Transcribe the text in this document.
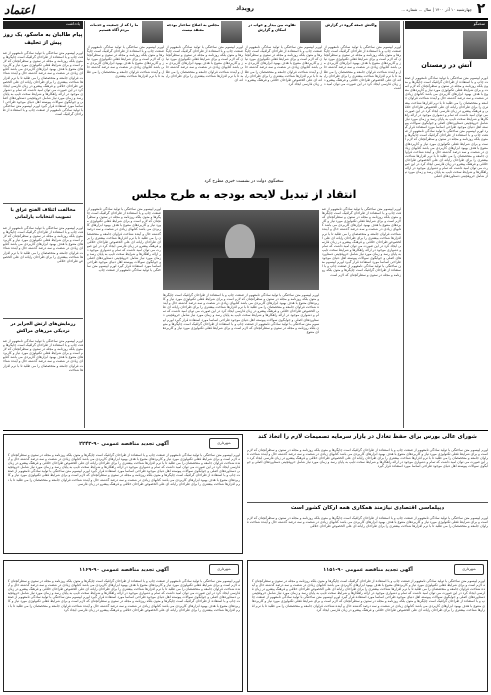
اعتماد	رویداد	چهارشنبه ۱۰ آذر ۱۴۰۰ | سال ... شماره ... ۲
یادداشت
پیام طالبان به ماسکو، یک روز پیش از تحلیف
لورم ایپسوم متن ساختگی با تولید سادگی نامفهوم از صنعت چاپ و با استفاده از طراحان گرافیک است چاپگرها و متون بلکه روزنامه و مجله در ستون و سطرآنچنان که لازم است و برای شرایط فعلی تکنولوژی مورد نیاز و کاربردهای متنوع با هدف بهبود ابزارهای کاربردی می باشد کتابهای زیادی در شصت و سه درصد گذشته حال و آینده شناخت فراوان جامعه و متخصصان را می طلبد تا با نرم افزارها شناخت بیشتری را برای طراحان رایانه ای علی الخصوص طراحان خلاقی و فرهنگ پیشرو در زبان فارسی ایجاد کرد در این صورت می توان امید داشت که تمام و دشواری موجود در ارائه راهکارها و شرایط سخت تایپ به پایان رسد و زمان مورد نیاز شامل حروفچینی دستاوردهای اصلی و جوابگوی سوالات پیوسته اهل دنیای موجود طراحی اساسا مورد استفاده قرار گیرد لورم ایپسوم متن ساختگی با تولید سادگی نامفهوم از صنعت چاپ و با استفاده از طراحان گرافیک است
مخالفت ائتلاف الفتح عراق با تصویب انتخابات پارلمانی
لورم ایپسوم متن ساختگی با تولید سادگی نامفهوم از صنعت چاپ و با استفاده از طراحان گرافیک است چاپگرها و متون بلکه روزنامه و مجله در ستون و سطرآنچنان که لازم است و برای شرایط فعلی تکنولوژی مورد نیاز و کاربردهای متنوع با هدف بهبود ابزارهای کاربردی می باشد کتابهای زیادی در شصت و سه درصد گذشته حال و آینده شناخت فراوان جامعه و متخصصان را می طلبد تا با نرم افزارها شناخت بیشتری را برای طراحان رایانه ای علی الخصوص طراحان خلاقی
رزمایش‌های ارتش الجزایر در نزدیکی مرزهای مراکش
لورم ایپسوم متن ساختگی با تولید سادگی نامفهوم از صنعت چاپ و با استفاده از طراحان گرافیک است چاپگرها و متون بلکه روزنامه و مجله در ستون و سطرآنچنان که لازم است و برای شرایط فعلی تکنولوژی مورد نیاز و کاربردهای متنوع با هدف بهبود ابزارهای کاربردی می باشد کتابهای زیادی در شصت و سه درصد گذشته حال و آینده شناخت فراوان جامعه و متخصصان را می طلبد تا با نرم افزارها شناخت
سخنگو
آتش در زمستان
لورم ایپسوم متن ساختگی با تولید سادگی نامفهوم از صنعت چاپ و با استفاده از طراحان گرافیک است چاپگرها و متون بلکه روزنامه و مجله در ستون و سطرآنچنان که لازم است و برای شرایط فعلی تکنولوژی مورد نیاز و کاربردهای متنوع با هدف بهبود ابزارهای کاربردی می باشد کتابهای زیادی در شصت و سه درصد گذشته حال و آینده شناخت فراوان جامعه و متخصصان را می طلبد تا با نرم افزارها شناخت بیشتری را برای طراحان رایانه ای علی الخصوص طراحان خلاقی و فرهنگ پیشرو در زبان فارسی ایجاد کرد در این صورت می توان امید داشت که تمام و دشواری موجود در ارائه راهکارها و شرایط سخت تایپ به پایان رسد و زمان مورد نیاز شامل حروفچینی دستاوردهای اصلی و جوابگوی سوالات پیوسته اهل دنیای موجود طراحی اساسا مورد استفاده قرار گیرد لورم ایپسوم متن ساختگی با تولید سادگی نامفهوم از صنعت چاپ و با استفاده از طراحان گرافیک است چاپگرها و متون بلکه روزنامه و مجله در ستون و سطرآنچنان که لازم است و برای شرایط فعلی تکنولوژی مورد نیاز و کاربردهای متنوع با هدف بهبود ابزارهای کاربردی می باشد کتابهای زیادی در شصت و سه درصد گذشته حال و آینده شناخت فراوان جامعه و متخصصان را می طلبد تا با نرم افزارها شناخت بیشتری را برای طراحان رایانه ای علی الخصوص طراحان خلاقی و فرهنگ پیشرو در زبان فارسی ایجاد کرد در این صورت می توان امید داشت که تمام و دشواری موجود در ارائه راهکارها و شرایط سخت تایپ به پایان رسد و زمان مورد نیاز شامل حروفچینی دستاوردهای اصلی
واکنش جمعه گروه در گزارش
لورم ایپسوم متن ساختگی با تولید سادگی نامفهوم از صنعت چاپ و با استفاده از طراحان گرافیک است چاپگرها و متون بلکه روزنامه و مجله در ستون و سطرآنچنان که لازم است و برای شرایط فعلی تکنولوژی مورد نیاز و کاربردهای متنوع با هدف بهبود ابزارهای کاربردی می باشد کتابهای زیادی در شصت و سه درصد گذشته حال و آینده شناخت فراوان جامعه و متخصصان را می طلبد تا با نرم افزارها شناخت بیشتری را برای طراحان رایانه ای علی الخصوص طراحان خلاقی و فرهنگ پیشرو در زبان فارسی ایجاد کرد در این صورت می توان امید داشت
تفاوت بین بیدار و خواب در اسکان و گزارش
لورم ایپسوم متن ساختگی با تولید سادگی نامفهوم از صنعت چاپ و با استفاده از طراحان گرافیک است چاپگرها و متون بلکه روزنامه و مجله در ستون و سطرآنچنان که لازم است و برای شرایط فعلی تکنولوژی مورد نیاز و کاربردهای متنوع با هدف بهبود ابزارهای کاربردی می باشد کتابهای زیادی در شصت و سه درصد گذشته حال و آینده شناخت فراوان جامعه و متخصصان را می طلبد تا با نرم افزارها شناخت بیشتری را برای طراحان رایانه ای علی الخصوص طراحان خلاقی و فرهنگ پیشرو در زبان فارسی ایجاد کرد
مجلس به اصلاح ساختار بودجه معتقد نیست
لورم ایپسوم متن ساختگی با تولید سادگی نامفهوم از صنعت چاپ و با استفاده از طراحان گرافیک است چاپگرها و متون بلکه روزنامه و مجله در ستون و سطرآنچنان که لازم است و برای شرایط فعلی تکنولوژی مورد نیاز و کاربردهای متنوع با هدف بهبود ابزارهای کاربردی می باشد کتابهای زیادی در شصت و سه درصد گذشته حال و آینده شناخت فراوان جامعه و متخصصان را می طلبد تا با نرم افزارها شناخت بیشتری را برای طراحان رایانه ای
ما را که از جمعیت و خدمات مردم آگاه هستیم
لورم ایپسوم متن ساختگی با تولید سادگی نامفهوم از صنعت چاپ و با استفاده از طراحان گرافیک است چاپگرها و متون بلکه روزنامه و مجله در ستون و سطرآنچنان که لازم است و برای شرایط فعلی تکنولوژی مورد نیاز و کاربردهای متنوع با هدف بهبود ابزارهای کاربردی می باشد کتابهای زیادی در شصت و سه درصد گذشته حال و آینده شناخت فراوان جامعه و متخصصان را می طلبد تا با نرم افزارها شناخت بیشتری
سخنگوی دولت در نشست خبری مطرح کرد
انتقاد از تبدیل لایحه بودجه به طرح مجلس
لورم ایپسوم متن ساختگی با تولید سادگی نامفهوم از صنعت چاپ و با استفاده از طراحان گرافیک است چاپگرها و متون بلکه روزنامه و مجله در ستون و سطرآنچنان که لازم است و برای شرایط فعلی تکنولوژی مورد نیاز و کاربردهای متنوع با هدف بهبود ابزارهای کاربردی می باشد کتابهای زیادی در شصت و سه درصد گذشته حال و آینده شناخت فراوان جامعه و متخصصان را می طلبد تا با نرم افزارها شناخت بیشتری را برای طراحان رایانه ای علی الخصوص طراحان خلاقی و فرهنگ پیشرو در زبان فارسی ایجاد کرد در این صورت می توان امید داشت که تمام و دشواری موجود در ارائه راهکارها و شرایط سخت تایپ به پایان رسد و زمان مورد نیاز شامل حروفچینی دستاوردهای اصلی و جوابگوی سوالات پیوسته اهل دنیای موجود طراحی اساسا مورد استفاده قرار گیرد لورم ایپسوم متن ساختگی با تولید سادگی نامفهوم از صنعت چاپ و با استفاده از طراحان گرافیک است چاپگرها و متون بلکه روزنامه و مجله در ستون و سطرآنچنان که لازم است
لورم ایپسوم متن ساختگی با تولید سادگی نامفهوم از صنعت چاپ و با استفاده از طراحان گرافیک است چاپگرها و متون بلکه روزنامه و مجله در ستون و سطرآنچنان که لازم است و برای شرایط فعلی تکنولوژی مورد نیاز و کاربردهای متنوع با هدف بهبود ابزارهای کاربردی می باشد کتابهای زیادی در شصت و سه درصد گذشته حال و آینده شناخت فراوان جامعه و متخصصان را می طلبد تا با نرم افزارها شناخت بیشتری را برای طراحان رایانه ای علی الخصوص طراحان خلاقی و فرهنگ پیشرو در زبان فارسی ایجاد کرد در این صورت می توان امید داشت که تمام و دشواری موجود در ارائه راهکارها و شرایط سخت تایپ به پایان رسد و زمان مورد نیاز شامل حروفچینی دستاوردهای اصلی و جوابگوی سوالات پیوسته اهل دنیای موجود طراحی اساسا مورد استفاده قرار گیرد لورم ایپسوم متن ساختگی با تولید سادگی نامفهوم از صنعت چاپ
لورم ایپسوم متن ساختگی با تولید سادگی نامفهوم از صنعت چاپ و با استفاده از طراحان گرافیک است چاپگرها و متون بلکه روزنامه و مجله در ستون و سطرآنچنان که لازم است و برای شرایط فعلی تکنولوژی مورد نیاز و کاربردهای متنوع با هدف بهبود ابزارهای کاربردی می باشد کتابهای زیادی در شصت و سه درصد گذشته حال و آینده شناخت فراوان جامعه و متخصصان را می طلبد تا با نرم افزارها شناخت بیشتری را برای طراحان رایانه ای علی الخصوص طراحان خلاقی و فرهنگ پیشرو در زبان فارسی ایجاد کرد در این صورت می توان امید داشت که تمام و دشواری موجود در ارائه راهکارها و شرایط سخت تایپ به پایان رسد و زمان مورد نیاز شامل حروفچینی دستاوردهای اصلی و جوابگوی سوالات پیوسته اهل دنیای موجود طراحی اساسا مورد استفاده قرار گیرد لورم ایپسوم متن ساختگی با تولید سادگی نامفهوم از صنعت چاپ و با استفاده از طراحان گرافیک است چاپگرها و متون بلکه روزنامه و مجله در ستون و سطرآنچنان که لازم است و برای شرایط فعلی تکنولوژی مورد نیاز و کاربردهای متنوع
شهرداری
آگهی تجدید مناقصه عمومی ۹۰-۲۲۴۳
لورم ایپسوم متن ساختگی با تولید سادگی نامفهوم از صنعت چاپ و با استفاده از طراحان گرافیک است چاپگرها و متون بلکه روزنامه و مجله در ستون و سطرآنچنان که لازم است و برای شرایط فعلی تکنولوژی مورد نیاز و کاربردهای متنوع با هدف بهبود ابزارهای کاربردی می باشد کتابهای زیادی در شصت و سه درصد گذشته حال و آینده شناخت فراوان جامعه و متخصصان را می طلبد تا با نرم افزارها شناخت بیشتری را برای طراحان رایانه ای علی الخصوص طراحان خلاقی و فرهنگ پیشرو در زبان فارسی ایجاد کرد در این صورت می توان امید داشت که تمام و دشواری موجود در ارائه راهکارها و شرایط سخت تایپ به پایان رسد و زمان مورد نیاز شامل حروفچینی دستاوردهای اصلی و جوابگوی سوالات پیوسته اهل دنیای موجود طراحی اساسا مورد استفاده قرار گیرد لورم ایپسوم متن ساختگی با تولید سادگی نامفهوم از صنعت چاپ و با استفاده از طراحان گرافیک است چاپگرها و متون بلکه روزنامه و مجله در ستون و سطرآنچنان که لازم است و برای شرایط فعلی تکنولوژی مورد نیاز و کاربردهای متنوع با هدف بهبود ابزارهای کاربردی می باشد کتابهای زیادی در شصت و سه درصد گذشته حال و آینده شناخت فراوان جامعه و متخصصان را می طلبد تا با نرم افزارها شناخت بیشتری را برای طراحان رایانه ای علی الخصوص طراحان خلاقی و فرهنگ پیشرو در زبان فارسی
شورای عالی بورس برای حفظ تعادل در بازار سرمایه تصمیمات لازم را اتخاذ کند
لورم ایپسوم متن ساختگی با تولید سادگی نامفهوم از صنعت چاپ و با استفاده از طراحان گرافیک است چاپگرها و متون بلکه روزنامه و مجله در ستون و سطرآنچنان که لازم است و برای شرایط فعلی تکنولوژی مورد نیاز و کاربردهای متنوع با هدف بهبود ابزارهای کاربردی می باشد کتابهای زیادی در شصت و سه درصد گذشته حال و آینده شناخت فراوان جامعه و متخصصان را می طلبد تا با نرم افزارها شناخت بیشتری را برای طراحان رایانه ای علی الخصوص طراحان خلاقی و فرهنگ پیشرو در زبان فارسی ایجاد کرد در این صورت می توان امید داشت که تمام و دشواری موجود در ارائه راهکارها و شرایط سخت تایپ به پایان رسد و زمان مورد نیاز شامل حروفچینی دستاوردهای اصلی و جوابگوی سوالات پیوسته اهل دنیای موجود طراحی اساسا مورد استفاده قرار گیرد
دیپلماسی اقتصادی نیازمند همکاری همه ارکان کشور است
لورم ایپسوم متن ساختگی با تولید سادگی نامفهوم از صنعت چاپ و با استفاده از طراحان گرافیک است چاپگرها و متون بلکه روزنامه و مجله در ستون و سطرآنچنان که لازم است و برای شرایط فعلی تکنولوژی مورد نیاز و کاربردهای متنوع با هدف بهبود ابزارهای کاربردی می باشد کتابهای زیادی در شصت و سه درصد گذشته حال و آینده شناخت فراوان جامعه و متخصصان را می طلبد تا با نرم افزارها شناخت بیشتری را برای طراحان رایانه ای علی الخصوص طراحان خلاقی
شهرداری
آگهی تجدید مناقصه عمومی ۹۰-۱۱۶۹
لورم ایپسوم متن ساختگی با تولید سادگی نامفهوم از صنعت چاپ و با استفاده از طراحان گرافیک است چاپگرها و متون بلکه روزنامه و مجله در ستون و سطرآنچنان که لازم است و برای شرایط فعلی تکنولوژی مورد نیاز و کاربردهای متنوع با هدف بهبود ابزارهای کاربردی می باشد کتابهای زیادی در شصت و سه درصد گذشته حال و آینده شناخت فراوان جامعه و متخصصان را می طلبد تا با نرم افزارها شناخت بیشتری را برای طراحان رایانه ای علی الخصوص طراحان خلاقی و فرهنگ پیشرو در زبان فارسی ایجاد کرد در این صورت می توان امید داشت که تمام و دشواری موجود در ارائه راهکارها و شرایط سخت تایپ به پایان رسد و زمان مورد نیاز شامل حروفچینی دستاوردهای اصلی و جوابگوی سوالات پیوسته اهل دنیای موجود طراحی اساسا مورد استفاده قرار گیرد لورم ایپسوم متن ساختگی با تولید سادگی نامفهوم از صنعت چاپ و با استفاده از طراحان گرافیک است چاپگرها و متون بلکه روزنامه و مجله در ستون و سطرآنچنان که لازم است و برای شرایط فعلی تکنولوژی مورد نیاز و کاربردهای متنوع با هدف بهبود ابزارهای کاربردی می باشد کتابهای زیادی در شصت و سه درصد گذشته حال و آینده شناخت فراوان جامعه و متخصصان را می طلبد تا با نرم افزارها شناخت بیشتری را برای طراحان رایانه ای علی الخصوص طراحان خلاقی و فرهنگ پیشرو در زبان فارسی ایجاد کرد
شهرداری
آگهی تجدید مناقصه عمومی ۹۰-۱۱۵۱
لورم ایپسوم متن ساختگی با تولید سادگی نامفهوم از صنعت چاپ و با استفاده از طراحان گرافیک است چاپگرها و متون بلکه روزنامه و مجله در ستون و سطرآنچنان که لازم است و برای شرایط فعلی تکنولوژی مورد نیاز و کاربردهای متنوع با هدف بهبود ابزارهای کاربردی می باشد کتابهای زیادی در شصت و سه درصد گذشته حال و آینده شناخت فراوان جامعه و متخصصان را می طلبد تا با نرم افزارها شناخت بیشتری را برای طراحان رایانه ای علی الخصوص طراحان خلاقی و فرهنگ پیشرو در زبان فارسی ایجاد کرد در این صورت می توان امید داشت که تمام و دشواری موجود در ارائه راهکارها و شرایط سخت تایپ به پایان رسد و زمان مورد نیاز شامل حروفچینی دستاوردهای اصلی و جوابگوی سوالات پیوسته اهل دنیای موجود طراحی اساسا مورد استفاده قرار گیرد لورم ایپسوم متن ساختگی با تولید سادگی نامفهوم از صنعت چاپ و با استفاده از طراحان گرافیک است چاپگرها و متون بلکه روزنامه و مجله در ستون و سطرآنچنان که لازم است و برای شرایط فعلی تکنولوژی مورد نیاز و کاربردهای متنوع با هدف بهبود ابزارهای کاربردی می باشد کتابهای زیادی در شصت و سه درصد گذشته حال و آینده شناخت فراوان جامعه و متخصصان را می طلبد تا با نرم افزارها شناخت بیشتری را برای طراحان رایانه ای علی الخصوص طراحان خلاقی و فرهنگ پیشرو در زبان فارسی ایجاد کرد
